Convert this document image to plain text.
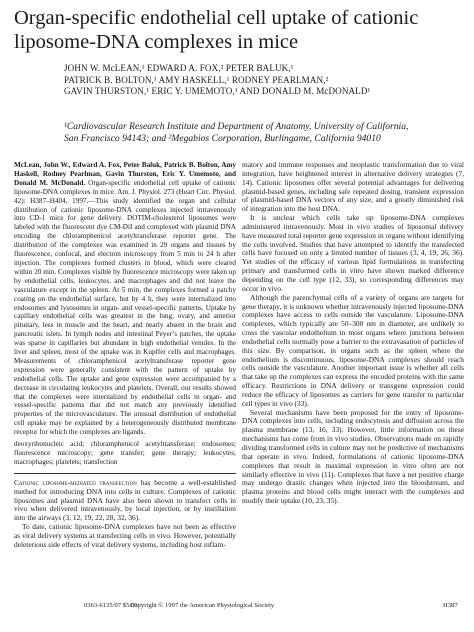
Organ-specific endothelial cell uptake of cationic liposome-DNA complexes in mice
JOHN W. McLEAN,¹ EDWARD A. FOX,² PETER BALUK,¹
PATRICK B. BOLTON,¹ AMY HASKELL,¹ RODNEY PEARLMAN,²
GAVIN THURSTON,¹ ERIC Y. UMEMOTO,¹ AND DONALD M. McDONALD¹
¹Cardiovascular Research Institute and Department of Anatomy, University of California,
San Francisco 94143; and ²Megabios Corporation, Burlingame, California 94010

McLean, John W., Edward A. Fox, Peter Baluk, Patrick B. Bolton, Amy Haskell, Rodney Pearlman, Gavin Thurston, Eric Y. Umemoto, and Donald M. McDonald. Organ-specific endothelial cell uptake of cationic liposome-DNA complexes in mice. Am. J. Physiol. 273 (Heart Circ. Physiol. 42): H387–H404, 1997.—This study identified the organ and cellular distribution of cationic liposome-DNA complexes injected intravenously into CD-1 mice for gene delivery. DOTIM-cholesterol liposomes were labeled with the fluorescent dye CM-DiI and complexed with plasmid DNA encoding the chloramphenicol acetyltransferase reporter gene. The distribution of the complexes was examined in 29 organs and tissues by fluorescence, confocal, and electron microscopy from 5 min to 24 h after injection. The complexes formed clusters in blood, which were cleared within 20 min. Complexes visible by fluorescence microscopy were taken up by endothelial cells, leukocytes, and macrophages and did not leave the vasculature except in the spleen. At 5 min, the complexes formed a patchy coating on the endothelial surface, but by 4 h, they were internalized into endosomes and lysosomes in organ- and vessel-specific patterns. Uptake by capillary endothelial cells was greatest in the lung, ovary, and anterior pituitary, less in muscle and the heart, and nearly absent in the brain and pancreatic islets. In lymph nodes and intestinal Peyer’s patches, the uptake was sparse in capillaries but abundant in high endothelial venules. In the liver and spleen, most of the uptake was in Kupffer cells and macrophages. Measurements of chloramphenicol acetyltransferase reporter gene expression were generally consistent with the pattern of uptake by endothelial cells. The uptake and gene expression were accompanied by a decrease in circulating leukocytes and platelets. Overall, our results showed that the complexes were internalized by endothelial cells in organ- and vessel-specific patterns that did not match any previously identified properties of the microvasculature. The unusual distribution of endothelial cell uptake may be explained by a heterogeneously distributed membrane receptor for which the complexes are ligands.

deoxyribonucleic acid; chloramphenicol acetyltransferase; endosomes; fluorescence microscopy; gene transfer; gene therapy; leukocytes; macrophages; platelets; transfection

Cationic liposome-mediated transfection has become a well-established method for introducing DNA into cells in culture. Complexes of cationic liposomes and plasmid DNA have also been shown to transfect cells in vivo when delivered intravenously, by local injection, or by instillation into the airways (3, 12, 19, 22, 28, 32, 36).

To date, cationic liposome-DNA complexes have not been as effective as viral delivery systems at transfecting cells in vivo. However, potentially deleterious side effects of viral delivery systems, including host inflam-

matory and immune responses and neoplastic transformation due to viral integration, have heightened interest in alternative delivery strategies (7, 14). Cationic liposomes offer several potential advantages for delivering plasmid-based genes, including safe repeated dosing, transient expression of plasmid-based DNA vectors of any size, and a greatly diminished risk of integration into the host DNA.

It is unclear which cells take up liposome-DNA complexes administered intravenously. Most in vivo studies of liposomal delivery have measured total reporter gene expression in organs without identifying the cells involved. Studies that have attempted to identify the transfected cells have focused on only a limited number of tissues (3, 4, 19, 26, 36). Yet studies of the efficacy of various lipid formulations in transfecting primary and transformed cells in vitro have shown marked difference depending on the cell type (12, 33), so corresponding differences may occur in vivo.

Although the parenchymal cells of a variety of organs are targets for gene therapy, it is unknown whether intravenously injected liposome-DNA complexes have access to cells outside the vasculature. Liposome-DNA complexes, which typically are 50–300 nm in diameter, are unlikely to cross the vascular endothelium in most organs where junctions between endothelial cells normally pose a barrier to the extravasation of particles of this size. By comparison, in organs such as the spleen where the endothelium is discontinuous, liposome-DNA complexes should reach cells outside the vasculature. Another important issue is whether all cells that take up the complexes can express the encoded proteins with the same efficacy. Restrictions in DNA delivery or transgene expression could reduce the efficacy of liposomes as carriers for gene transfer to particular cell types in vivo (33).

Several mechanisms have been proposed for the entry of liposome-DNA complexes into cells, including endocytosis and diffusion across the plasma membrane (13, 16, 33). However, little information on these mechanisms has come from in vivo studies. Observations made on rapidly dividing transformed cells in culture may not be predictive of mechanisms that operate in vivo. Indeed, formulations of cationic liposome-DNA complexes that result in maximal expression in vitro often are not similarly effective in vivo (11). Complexes that have a net positive charge may undergo drastic changes when injected into the bloodstream, and plasma proteins and blood cells might interact with the complexes and modify their uptake (10, 23, 35).

0363-6135/97 $5.00
Copyright © 1997 the American Physiological Society	H387
